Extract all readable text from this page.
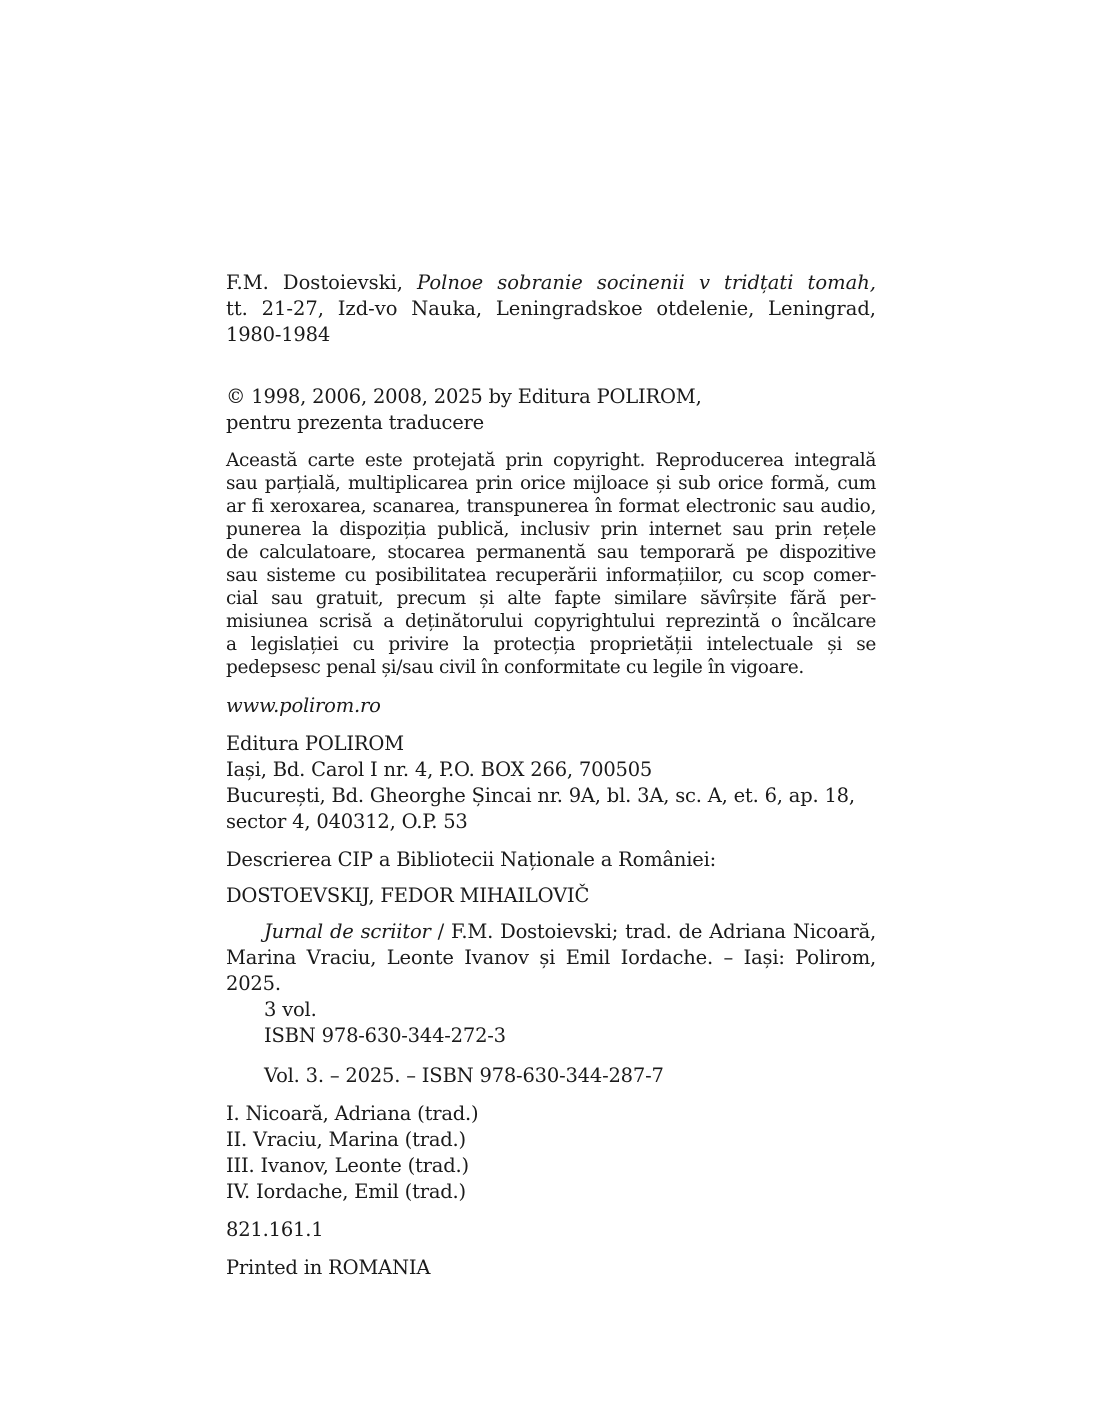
F.M. Dostoievski, Polnoe sobranie socinenii v tridțati tomah,
tt. 21-27, Izd-vo Nauka, Leningradskoe otdelenie, Leningrad,
1980-1984
© 1998, 2006, 2008, 2025 by Editura POLIROM,
pentru prezenta traducere
Această carte este protejată prin copyright. Reproducerea integrală
sau parțială, multiplicarea prin orice mijloace și sub orice formă, cum
ar fi xeroxarea, scanarea, transpunerea în format electronic sau audio,
punerea la dispoziția publică, inclusiv prin internet sau prin rețele
de calculatoare, stocarea permanentă sau temporară pe dispozitive
sau sisteme cu posibilitatea recuperării informațiilor, cu scop comer-
cial sau gratuit, precum și alte fapte similare săvîrșite fără per-
misiunea scrisă a deținătorului copyrightului reprezintă o încălcare
a legislației cu privire la protecția proprietății intelectuale și se
pedepsesc penal și/sau civil în conformitate cu legile în vigoare.
www.polirom.ro
Editura POLIROM
Iași, Bd. Carol I nr. 4, P.O. BOX 266, 700505
București, Bd. Gheorghe Șincai nr. 9A, bl. 3A, sc. A, et. 6, ap. 18,
sector 4, 040312, O.P. 53
Descrierea CIP a Bibliotecii Naționale a României:
DOSTOEVSKIJ, FEDOR MIHAILOVIČ
Jurnal de scriitor / F.M. Dostoievski; trad. de Adriana Nicoară,
Marina Vraciu, Leonte Ivanov și Emil Iordache. – Iași: Polirom,
2025.
3 vol.
ISBN 978-630-344-272-3
Vol. 3. – 2025. – ISBN 978-630-344-287-7
I. Nicoară, Adriana (trad.)
II. Vraciu, Marina (trad.)
III. Ivanov, Leonte (trad.)
IV. Iordache, Emil (trad.)
821.161.1
Printed in ROMANIA
